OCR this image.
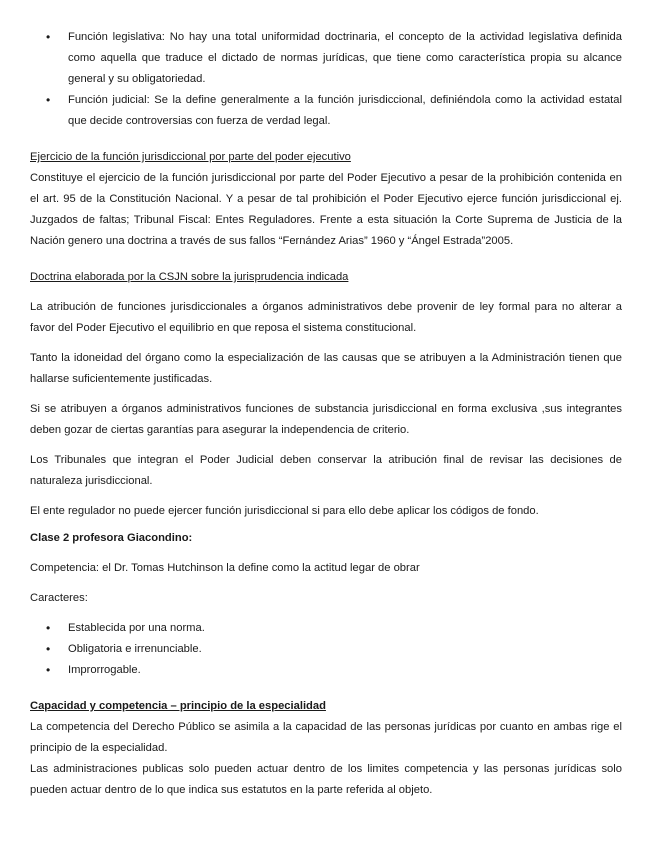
• Función legislativa: No hay una total uniformidad doctrinaria, el concepto de la actividad legislativa definida como aquella que traduce el dictado de normas jurídicas, que tiene como característica propia su alcance general y su obligatoriedad.
• Función judicial: Se la define generalmente a la función jurisdiccional, definiéndola como la actividad estatal que decide controversias con fuerza de verdad legal.

Ejercicio de la función jurisdiccional por parte del poder ejecutivo

Constituye el ejercicio de la función jurisdiccional por parte del Poder Ejecutivo a pesar de la prohibición contenida en el art. 95 de la Constitución Nacional. Y a pesar de tal prohibición el Poder Ejecutivo ejerce función jurisdiccional ej. Juzgados de faltas; Tribunal Fiscal: Entes Reguladores. Frente a esta situación la Corte Suprema de Justicia de la Nación genero una doctrina a través de sus fallos “Fernández Arias” 1960 y “Ángel Estrada”2005.

Doctrina elaborada por la CSJN sobre la jurisprudencia indicada

La atribución de funciones jurisdiccionales a órganos administrativos debe provenir de ley formal para no alterar a favor del Poder Ejecutivo el equilibrio en que reposa el sistema constitucional.

Tanto la idoneidad del órgano como la especialización de las causas que se atribuyen a la Administración tienen que hallarse suficientemente justificadas.

Si se atribuyen a órganos administrativos funciones de substancia jurisdiccional en forma exclusiva ,sus integrantes deben gozar de ciertas garantías para asegurar la independencia de criterio.

Los Tribunales que integran el Poder Judicial deben conservar la atribución final de revisar las decisiones de naturaleza jurisdiccional.

El ente regulador no puede ejercer función jurisdiccional si para ello debe aplicar los códigos de fondo.

Clase 2 profesora Giacondino:

Competencia: el Dr. Tomas Hutchinson la define como la actitud legar de obrar

Caracteres:

• Establecida por una norma.
• Obligatoria e irrenunciable.
• Improrrogable.

Capacidad y competencia – principio de la especialidad

La competencia del Derecho Público se asimila a la capacidad de las personas jurídicas por cuanto en ambas rige el principio de la especialidad.

Las administraciones publicas solo pueden actuar dentro de los limites competencia y las personas jurídicas solo pueden actuar dentro de lo que indica sus estatutos en la parte referida al objeto.
